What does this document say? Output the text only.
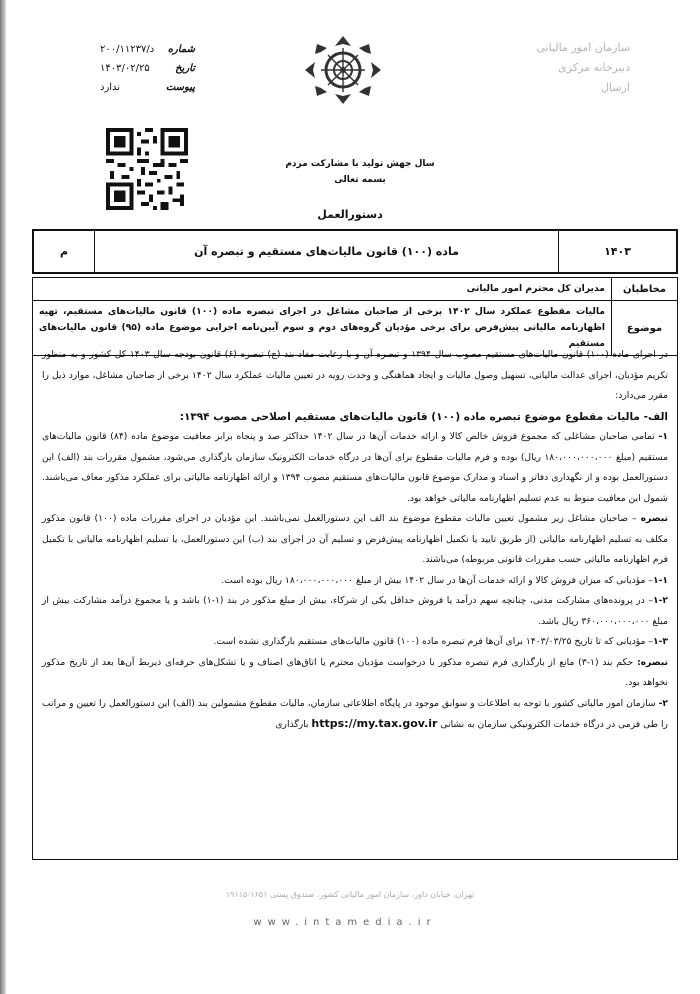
شماره
۲۰۰/۱۱۲۳۷/د
تاریخ
۱۴۰۳/۰۲/۲۵
پیوست
ندارد
سازمان امور مالیاتی
دبیرخانه مرکزی
ارسال
سال جهش تولید با مشارکت مردم
بسمه تعالی
دستورالعمل
۱۴۰۳
ماده (۱۰۰) قانون مالیات‌های مستقیم و تبصره آن
م
مخاطبان
مدیران کل محترم امور مالیاتی
موضوع
مالیات مقطوع عملکرد سال ۱۴۰۲ برخی از صاحبان مشاغل در اجرای تبصره ماده (۱۰۰) قانون مالیات‌های مستقیم، تهیه اظهارنامه مالیاتی پیش‌فرض برای برخی مؤدیان گروه‌های دوم و سوم آیین‌نامه اجرایی موضوع ماده (۹۵) قانون مالیات‌های مستقیم

در اجرای ماده (۱۰۰) قانون مالیات‌های مستقیم مصوب سال ۱۳۹۴ و تبصره آن و با رعایت مفاد بند (ج) تبصره (۶) قانون بودجه سال ۱۴۰۳ کل کشور و به منظور تکریم مؤدیان، اجرای عدالت مالیاتی، تسهیل وصول مالیات و ایجاد هماهنگی و وحدت رویه در تعیین مالیات عملکرد سال ۱۴۰۲ برخی از صاحبان مشاغل، موارد ذیل را مقرر می‌دارد:

الف- مالیات مقطوع موضوع تبصره ماده (۱۰۰) قانون مالیات‌های مستقیم اصلاحی مصوب ۱۳۹۴:

۱- تمامی صاحبان مشاغلی که مجموع فروش خالص کالا و ارائه خدمات آن‌ها در سال ۱۴۰۲ حداکثر صد و پنجاه برابر معافیت موضوع ماده (۸۴) قانون مالیات‌های مستقیم (مبلغ ۱۸۰،۰۰۰،۰۰۰،۰۰۰ ریال) بوده و فرم مالیات مقطوع برای آن‌ها در درگاه خدمات الکترونیک سازمان بارگذاری می‌شود، مشمول مقررات بند (الف) این دستورالعمل بوده و از نگهداری دفاتر و اسناد و مدارک موضوع قانون مالیات‌های مستقیم مصوب ۱۳۹۴ و ارائه اظهارنامه مالیاتی برای عملکرد مذکور معاف می‌باشند. شمول این معافیت منوط به عدم تسلیم اظهارنامه مالیاتی خواهد بود.

تبصره – صاحبان مشاغل زیر مشمول تعیین مالیات مقطوع موضوع بند الف این دستورالعمل نمی‌باشند. این مؤدیان در اجرای مقررات ماده (۱۰۰) قانون مذکور مکلف به تسلیم اظهارنامه مالیاتی (از طریق تایید یا تکمیل اظهارنامه پیش‌فرض و تسلیم آن در اجرای بند (ب) این دستورالعمل، یا تسلیم اظهارنامه مالیاتی با تکمیل فرم اظهارنامه مالیاتی حسب مقررات قانونی مربوطه) می‌باشند.

۱-۱– مؤدیانی که میزان فروش کالا و ارائه خدمات آن‌ها در سال ۱۴۰۲ بیش از مبلغ ۱۸۰،۰۰۰،۰۰۰،۰۰۰ ریال بوده است.

۱-۲– در پرونده‌های مشارکت مدنی، چنانچه سهم درآمد یا فروش حداقل یکی از شرکاء، بیش از مبلغ مذکور در بند (۱-۱) باشد و یا مجموع درآمد مشارکت بیش از مبلغ ۳۶۰،۰۰۰،۰۰۰،۰۰۰ ریال باشد.

۱-۳– مؤدیانی که تا تاریخ ۱۴۰۳/۰۳/۲۵ برای آن‌ها فرم تبصره ماده (۱۰۰) قانون مالیات‌های مستقیم بارگذاری نشده است.

تبصره: حکم بند (۱-۳) مانع از بارگذاری فرم تبصره مذکور با درخواست مؤدیان محترم یا اتاق‌های اصناف و یا تشکل‌های حرفه‌ای ذیربط آن‌ها بعد از تاریخ مذکور نخواهد بود.

۲- سازمان امور مالیاتی کشور با توجه به اطلاعات و سوابق موجود در پایگاه اطلاعاتی سازمان، مالیات مقطوع مشمولین بند (الف) این دستورالعمل را تعیین و مراتب را طی فرمی در درگاه خدمات الکترونیکی سازمان به نشانی https://my.tax.gov.ir بارگذاری

تهران، خیابان داور، سازمان امور مالیاتی کشور، صندوق پستی ۱۶۵۱-۱۹۱۱۵
www.intamedia.ir
